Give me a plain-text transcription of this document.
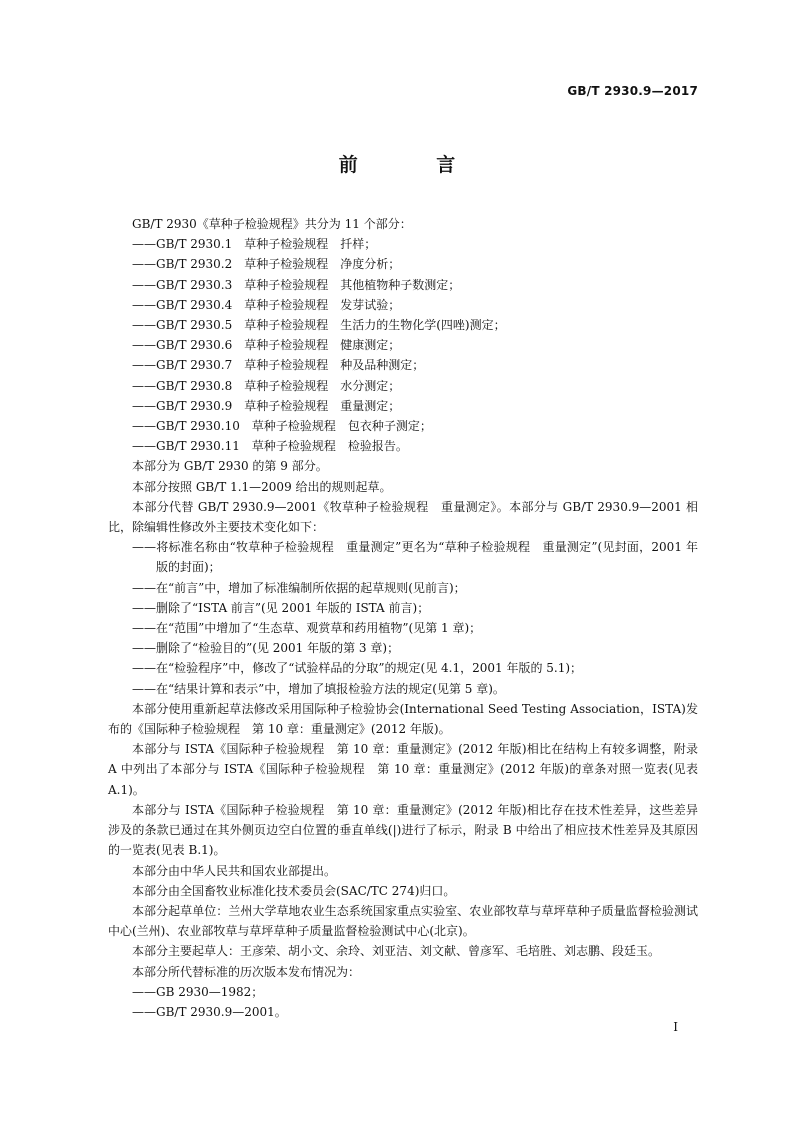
GB/T 2930.9—2017
前 言

GB/T 2930《草种子检验规程》共分为 11 个部分：

——GB/T 2930.1　草种子检验规程　扦样；

——GB/T 2930.2　草种子检验规程　净度分析；

——GB/T 2930.3　草种子检验规程　其他植物种子数测定；

——GB/T 2930.4　草种子检验规程　发芽试验；

——GB/T 2930.5　草种子检验规程　生活力的生物化学(四唑)测定；

——GB/T 2930.6　草种子检验规程　健康测定；

——GB/T 2930.7　草种子检验规程　种及品种测定；

——GB/T 2930.8　草种子检验规程　水分测定；

——GB/T 2930.9　草种子检验规程　重量测定；

——GB/T 2930.10　草种子检验规程　包衣种子测定；

——GB/T 2930.11　草种子检验规程　检验报告。

本部分为 GB/T 2930 的第 9 部分。

本部分按照 GB/T 1.1—2009 给出的规则起草。

本部分代替 GB/T 2930.9—2001《牧草种子检验规程　重量测定》。本部分与 GB/T 2930.9—2001 相比，除编辑性修改外主要技术变化如下：

——将标准名称由“牧草种子检验规程　重量测定”更名为“草种子检验规程　重量测定”(见封面，2001 年版的封面)；

——在“前言”中，增加了标准编制所依据的起草规则(见前言)；

——删除了“ISTA 前言”(见 2001 年版的 ISTA 前言)；

——在“范围”中增加了“生态草、观赏草和药用植物”(见第 1 章)；

——删除了“检验目的”(见 2001 年版的第 3 章)；

——在“检验程序”中，修改了“试验样品的分取”的规定(见 4.1，2001 年版的 5.1)；

——在“结果计算和表示”中，增加了填报检验方法的规定(见第 5 章)。

本部分使用重新起草法修改采用国际种子检验协会(International Seed Testing Association，ISTA)发布的《国际种子检验规程　第 10 章：重量测定》(2012 年版)。

本部分与 ISTA《国际种子检验规程　第 10 章：重量测定》(2012 年版)相比在结构上有较多调整，附录 A 中列出了本部分与 ISTA《国际种子检验规程　第 10 章：重量测定》(2012 年版)的章条对照一览表(见表 A.1)。

本部分与 ISTA《国际种子检验规程　第 10 章：重量测定》(2012 年版)相比存在技术性差异，这些差异涉及的条款已通过在其外侧页边空白位置的垂直单线(|)进行了标示，附录 B 中给出了相应技术性差异及其原因的一览表(见表 B.1)。

本部分由中华人民共和国农业部提出。

本部分由全国畜牧业标准化技术委员会(SAC/TC 274)归口。

本部分起草单位：兰州大学草地农业生态系统国家重点实验室、农业部牧草与草坪草种子质量监督检验测试中心(兰州)、农业部牧草与草坪草种子质量监督检验测试中心(北京)。

本部分主要起草人：王彦荣、胡小文、余玲、刘亚洁、刘文献、曾彦军、毛培胜、刘志鹏、段廷玉。

本部分所代替标准的历次版本发布情况为：

——GB 2930—1982；

——GB/T 2930.9—2001。

I
